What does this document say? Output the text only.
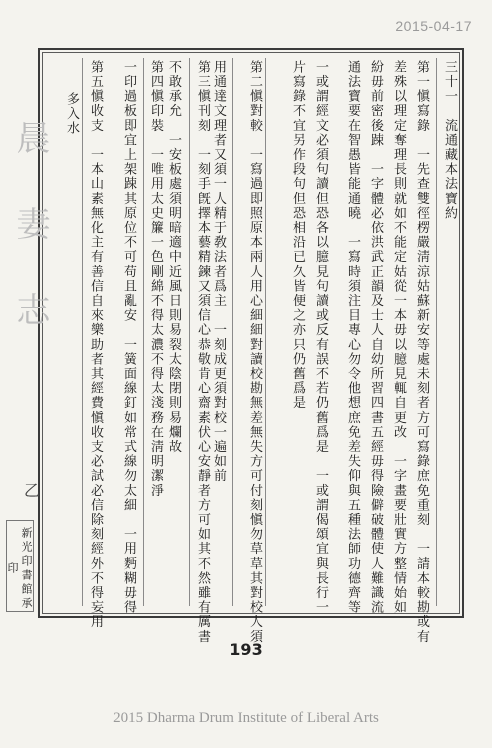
2015-04-17
晨 妻 志
乙
新光印書館承印
三十一　流通藏本法寶約
第一愼寫錄　一先查雙徑楞嚴淸涼姑蘇新安等處未刻者方可寫錄庶免重刻　一請本較勘或有
差殊以理定奪理長則就如不能定姑從一本毋以臆見輒自更改　一字畫要壯實方整情始如
紛毋前密後踈　一字體必依洪武正韻及士人自幼所習四書五經毋得險僻破體使人難識流
通法寶要在智愚皆能通曉　一寫時須注目專心勿令他想庶免差失仰與五種法師功德齊等
一或謂經文必須句讀但恐各以臆見句讀或反有誤不若仍舊爲是　一或謂偈頌宜與長行一
片寫錄不宜另作段句但恐相沿已久皆便之亦只仍舊爲是
第二愼對較　一寫過即照原本兩人用心細細對讀校勘無差無失方可付刻愼勿草草其對校人須
用通達文理者又須一人精于敎法者爲主　一刻成更須對校一遍如前
第三愼刊刻　一刻手旣擇本藝精鍊又須信心恭敬肯心齋素伏心安靜者方可如其不然雖有厲書
不敢承允　一安板處須明暗適中近風日則易裂太陰閉則易爛故
第四愼印裝　一唯用太史簾一色剛綿不得太濃不得太淺務在淸明潔淨
一印過板即宜上架踈其原位不可苟且亂安　一簧面線釘如常式線勿太細　一用麪糊毋得
第五愼收支　一本山素無化主有善信自來樂助者其經費愼收支必試必信除刻經外不得妄用
多入水
193
2015 Dharma Drum Institute of Liberal Arts
